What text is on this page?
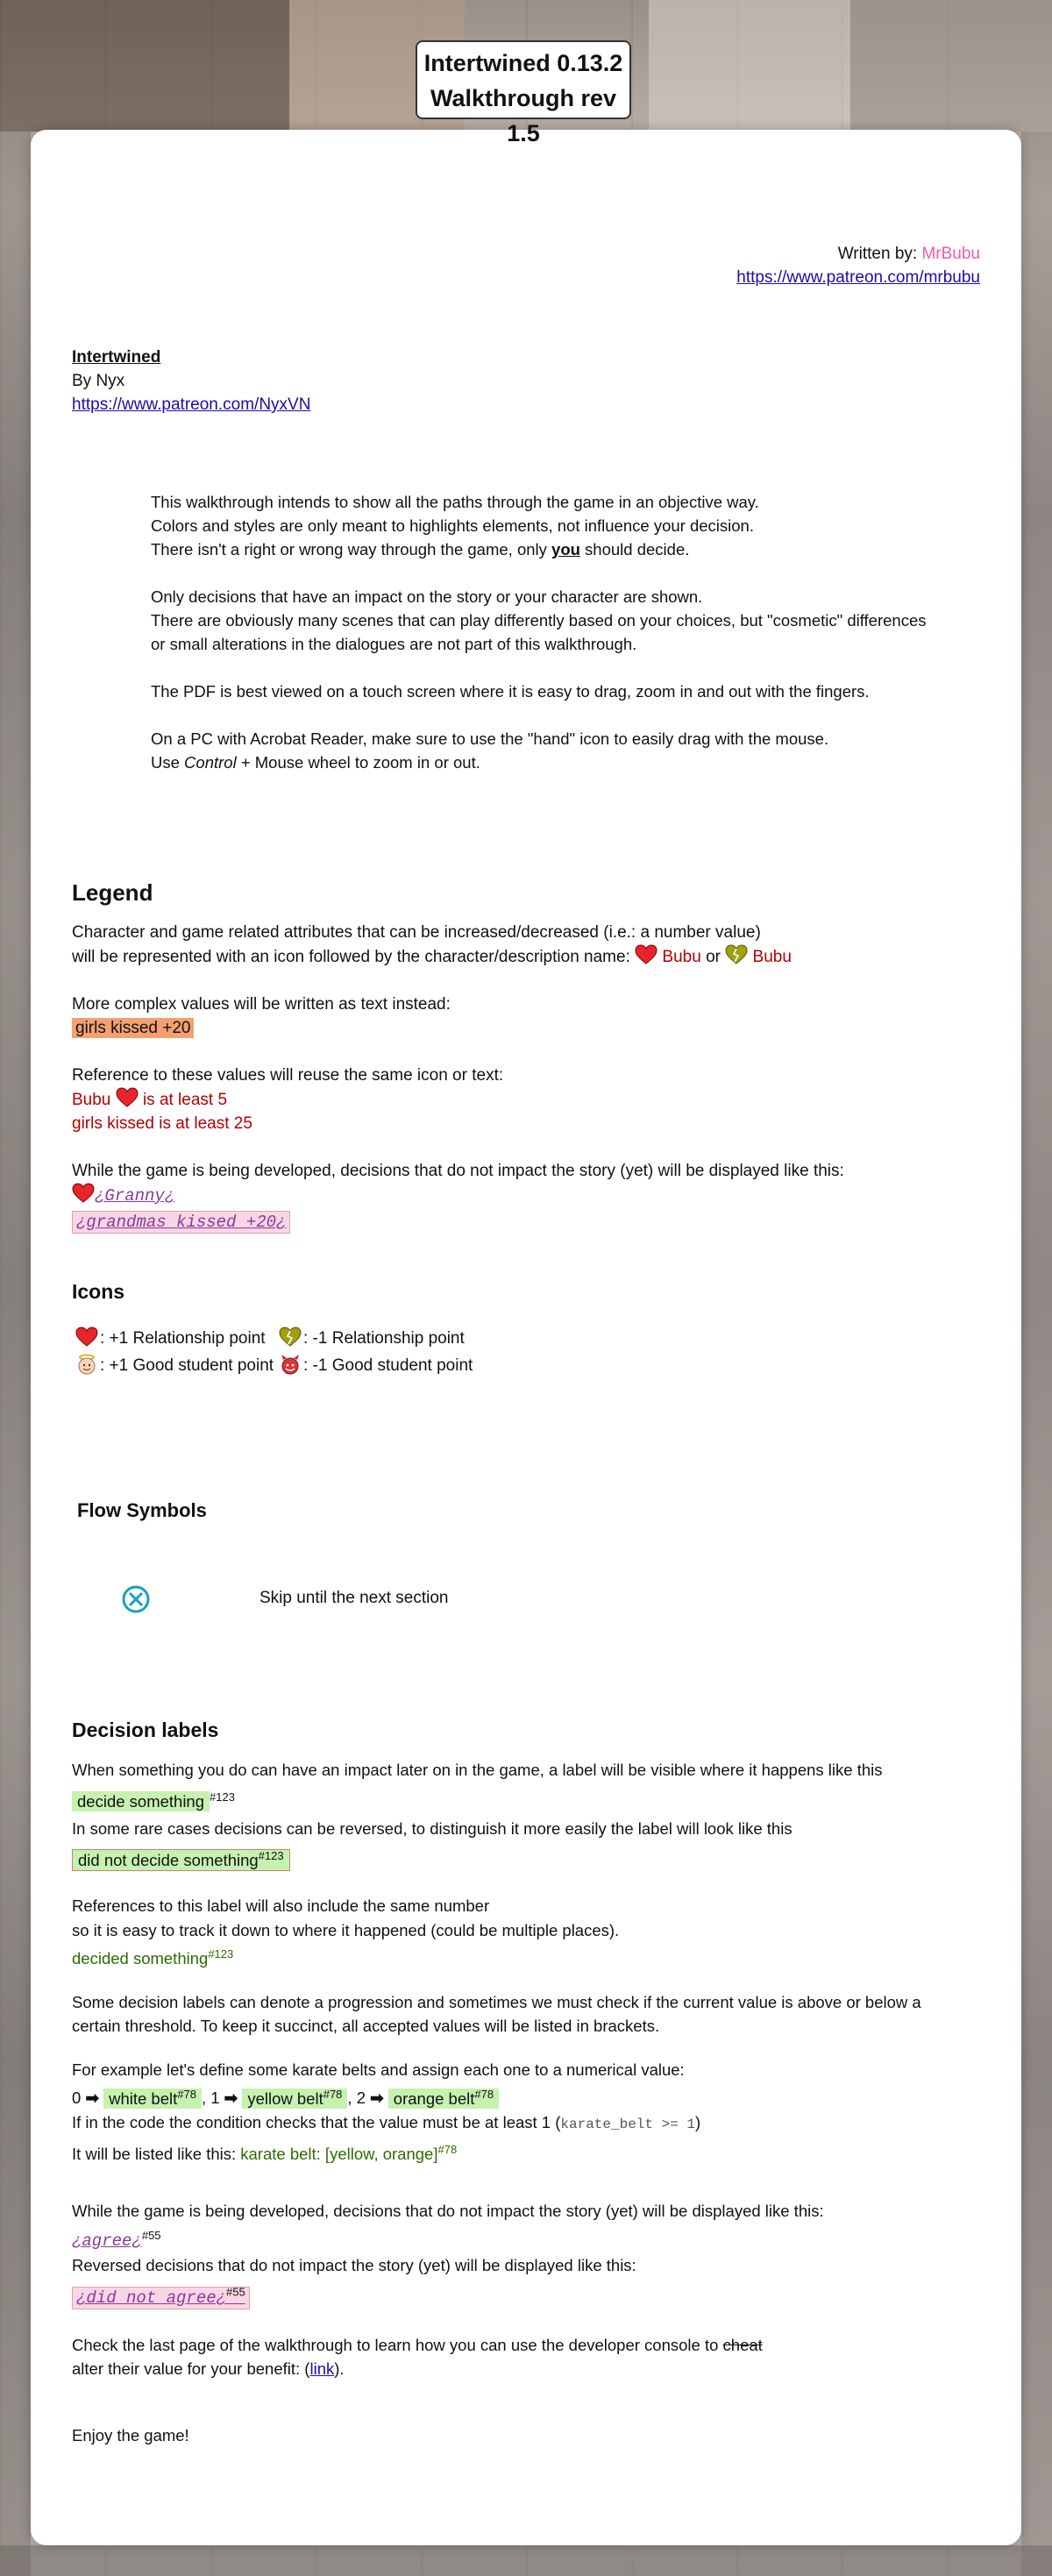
Intertwined 0.13.2
Walkthrough rev 1.5
Written by: MrBubu
https://www.patreon.com/mrbubu
Intertwined
By Nyx
https://www.patreon.com/NyxVN
This walkthrough intends to show all the paths through the game in an objective way.
Colors and styles are only meant to highlights elements, not influence your decision.
There isn't a right or wrong way through the game, only you should decide.
Only decisions that have an impact on the story or your character are shown.
There are obviously many scenes that can play differently based on your choices, but "cosmetic" differences
or small alterations in the dialogues are not part of this walkthrough.
The PDF is best viewed on a touch screen where it is easy to drag, zoom in and out with the fingers.
On a PC with Acrobat Reader, make sure to use the "hand" icon to easily drag with the mouse.
Use Control + Mouse wheel to zoom in or out.
Legend
Character and game related attributes that can be increased/decreased (i.e.: a number value)
will be represented with an icon followed by the character/description name:  Bubu or Bubu
More complex values will be written as text instead:
girls kissed +20
Reference to these values will reuse the same icon or text:
Bubu is at least 5
girls kissed is at least 25
While the game is being developed, decisions that do not impact the story (yet) will be displayed like this:
¿Granny¿
¿grandmas kissed +20¿
Icons
: +1 Relationship point	: -1 Relationship point
: +1 Good student point	: -1 Good student point
Flow Symbols
Skip until the next section
Decision labels
When something you do can have an impact later on in the game, a label will be visible where it happens like this
decide something $^{\#123}$
In some rare cases decisions can be reversed, to distinguish it more easily the label will look like this
did not decide something$^{\#123}$
References to this label will also include the same number
so it is easy to track it down to where it happened (could be multiple places).
decided something$^{\#123}$
Some decision labels can denote a progression and sometimes we must check if the current value is above or below a
certain threshold. To keep it succinct, all accepted values will be listed in brackets.
For example let's define some karate belts and assign each one to a numerical value:
0 ➡ white belt$^{\#78}$ , 1 ➡ yellow belt$^{\#78}$ , 2 ➡ orange belt$^{\#78}$
If in the code the condition checks that the value must be at least 1 (karate_belt >= 1)
It will be listed like this: karate belt: [yellow, orange]$^{\#78}$
While the game is being developed, decisions that do not impact the story (yet) will be displayed like this:
¿agree¿$^{\#55}$
Reversed decisions that do not impact the story (yet) will be displayed like this:
¿did not agree¿$^{\#55}$
Check the last page of the walkthrough to learn how you can use the developer console to cheat
alter their value for your benefit: (link).
Enjoy the game!
